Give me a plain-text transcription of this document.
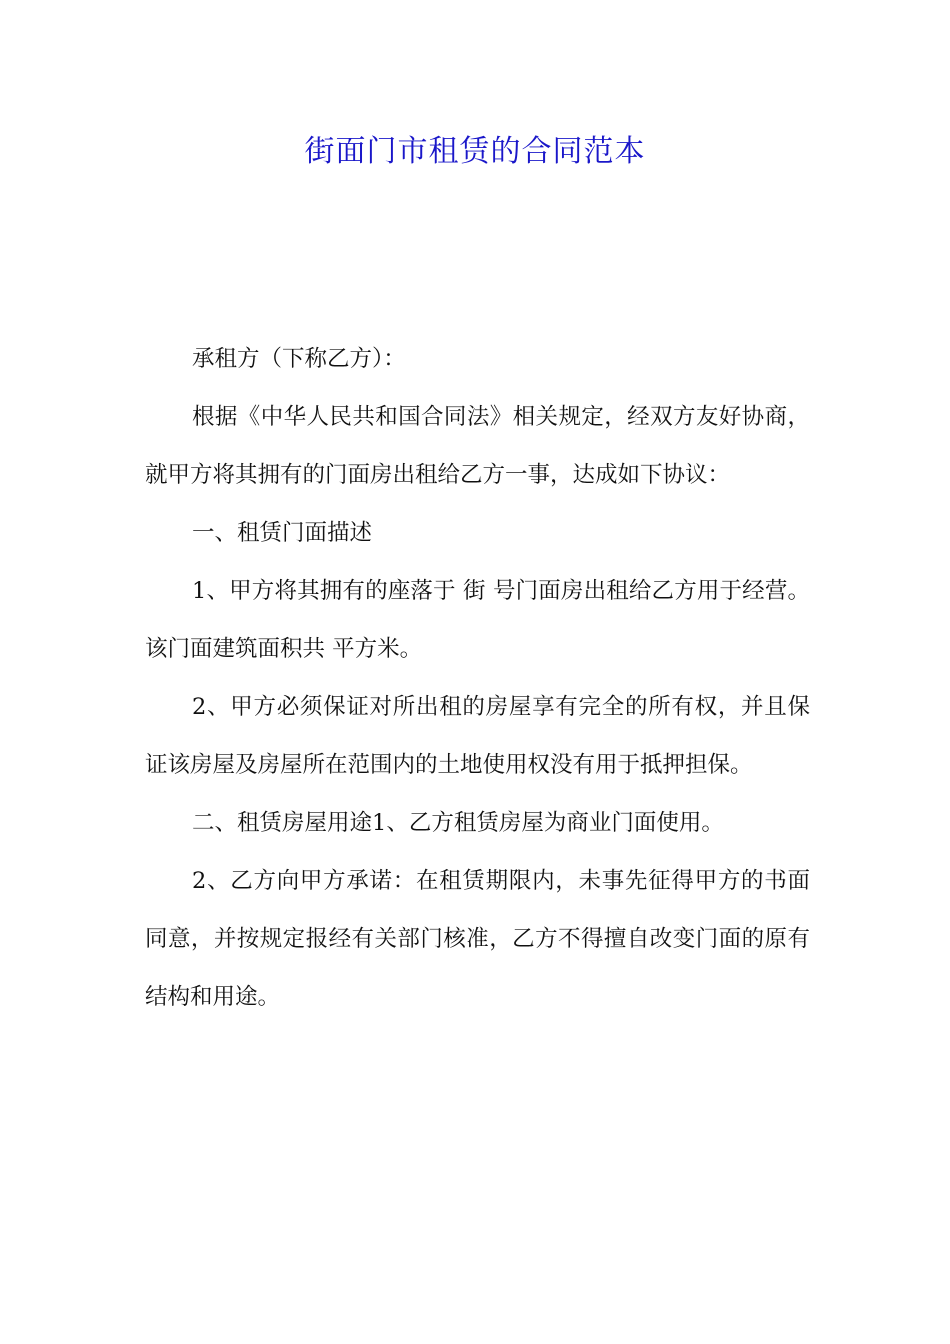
街面门市租赁的合同范本

承租方（下称乙方）：

根据《中华人民共和国合同法》相关规定，经双方友好协商，就甲方将其拥有的门面房出租给乙方一事，达成如下协议：

一、租赁门面描述

1、甲方将其拥有的座落于 街 号门面房出租给乙方用于经营。该门面建筑面积共 平方米。

2、甲方必须保证对所出租的房屋享有完全的所有权，并且保证该房屋及房屋所在范围内的土地使用权没有用于抵押担保。

二、租赁房屋用途1、乙方租赁房屋为商业门面使用。

2、乙方向甲方承诺：在租赁期限内，未事先征得甲方的书面同意，并按规定报经有关部门核准，乙方不得擅自改变门面的原有结构和用途。
